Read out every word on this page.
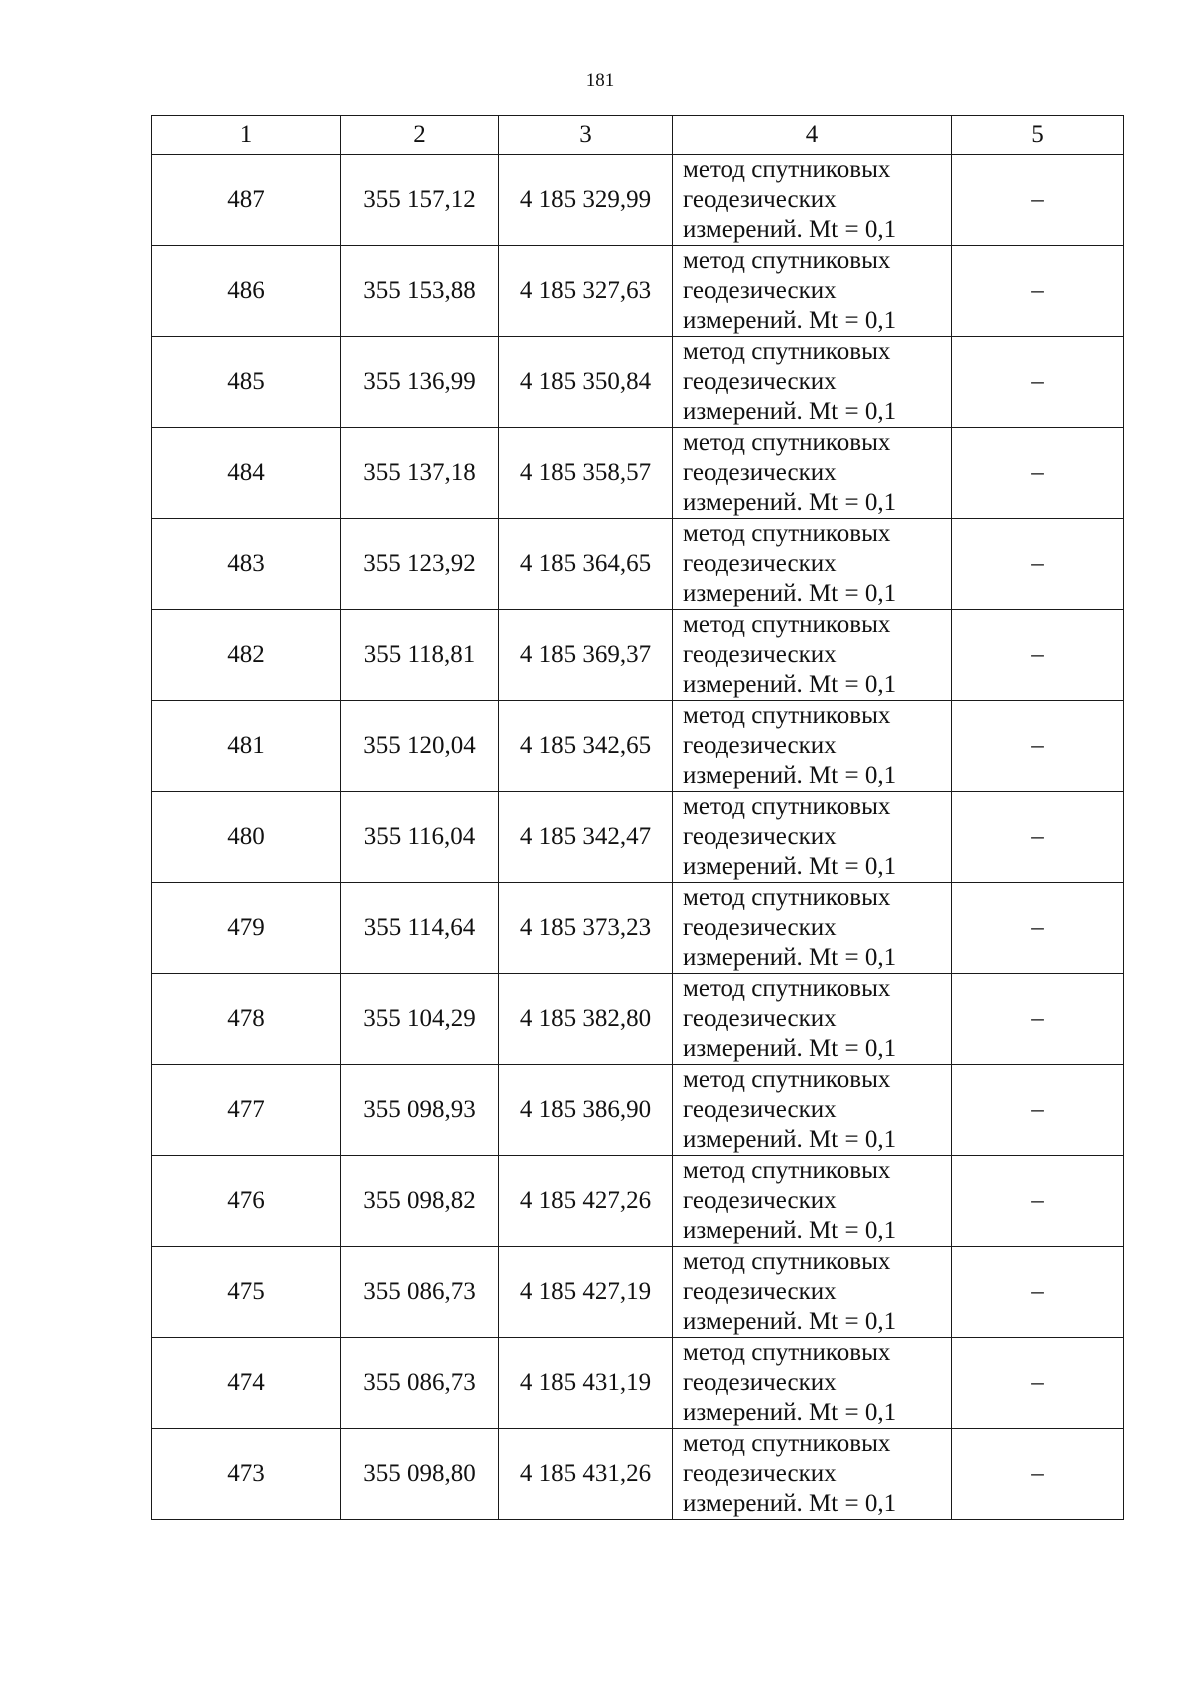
181
1	2	3	4	5
487	355 157,12	4 185 329,99	метод спутниковых
геодезических
измерений. Mt = 0,1	–
486	355 153,88	4 185 327,63	метод спутниковых
геодезических
измерений. Mt = 0,1	–
485	355 136,99	4 185 350,84	метод спутниковых
геодезических
измерений. Mt = 0,1	–
484	355 137,18	4 185 358,57	метод спутниковых
геодезических
измерений. Mt = 0,1	–
483	355 123,92	4 185 364,65	метод спутниковых
геодезических
измерений. Mt = 0,1	–
482	355 118,81	4 185 369,37	метод спутниковых
геодезических
измерений. Mt = 0,1	–
481	355 120,04	4 185 342,65	метод спутниковых
геодезических
измерений. Mt = 0,1	–
480	355 116,04	4 185 342,47	метод спутниковых
геодезических
измерений. Mt = 0,1	–
479	355 114,64	4 185 373,23	метод спутниковых
геодезических
измерений. Mt = 0,1	–
478	355 104,29	4 185 382,80	метод спутниковых
геодезических
измерений. Mt = 0,1	–
477	355 098,93	4 185 386,90	метод спутниковых
геодезических
измерений. Mt = 0,1	–
476	355 098,82	4 185 427,26	метод спутниковых
геодезических
измерений. Mt = 0,1	–
475	355 086,73	4 185 427,19	метод спутниковых
геодезических
измерений. Mt = 0,1	–
474	355 086,73	4 185 431,19	метод спутниковых
геодезических
измерений. Mt = 0,1	–
473	355 098,80	4 185 431,26	метод спутниковых
геодезических
измерений. Mt = 0,1	–
